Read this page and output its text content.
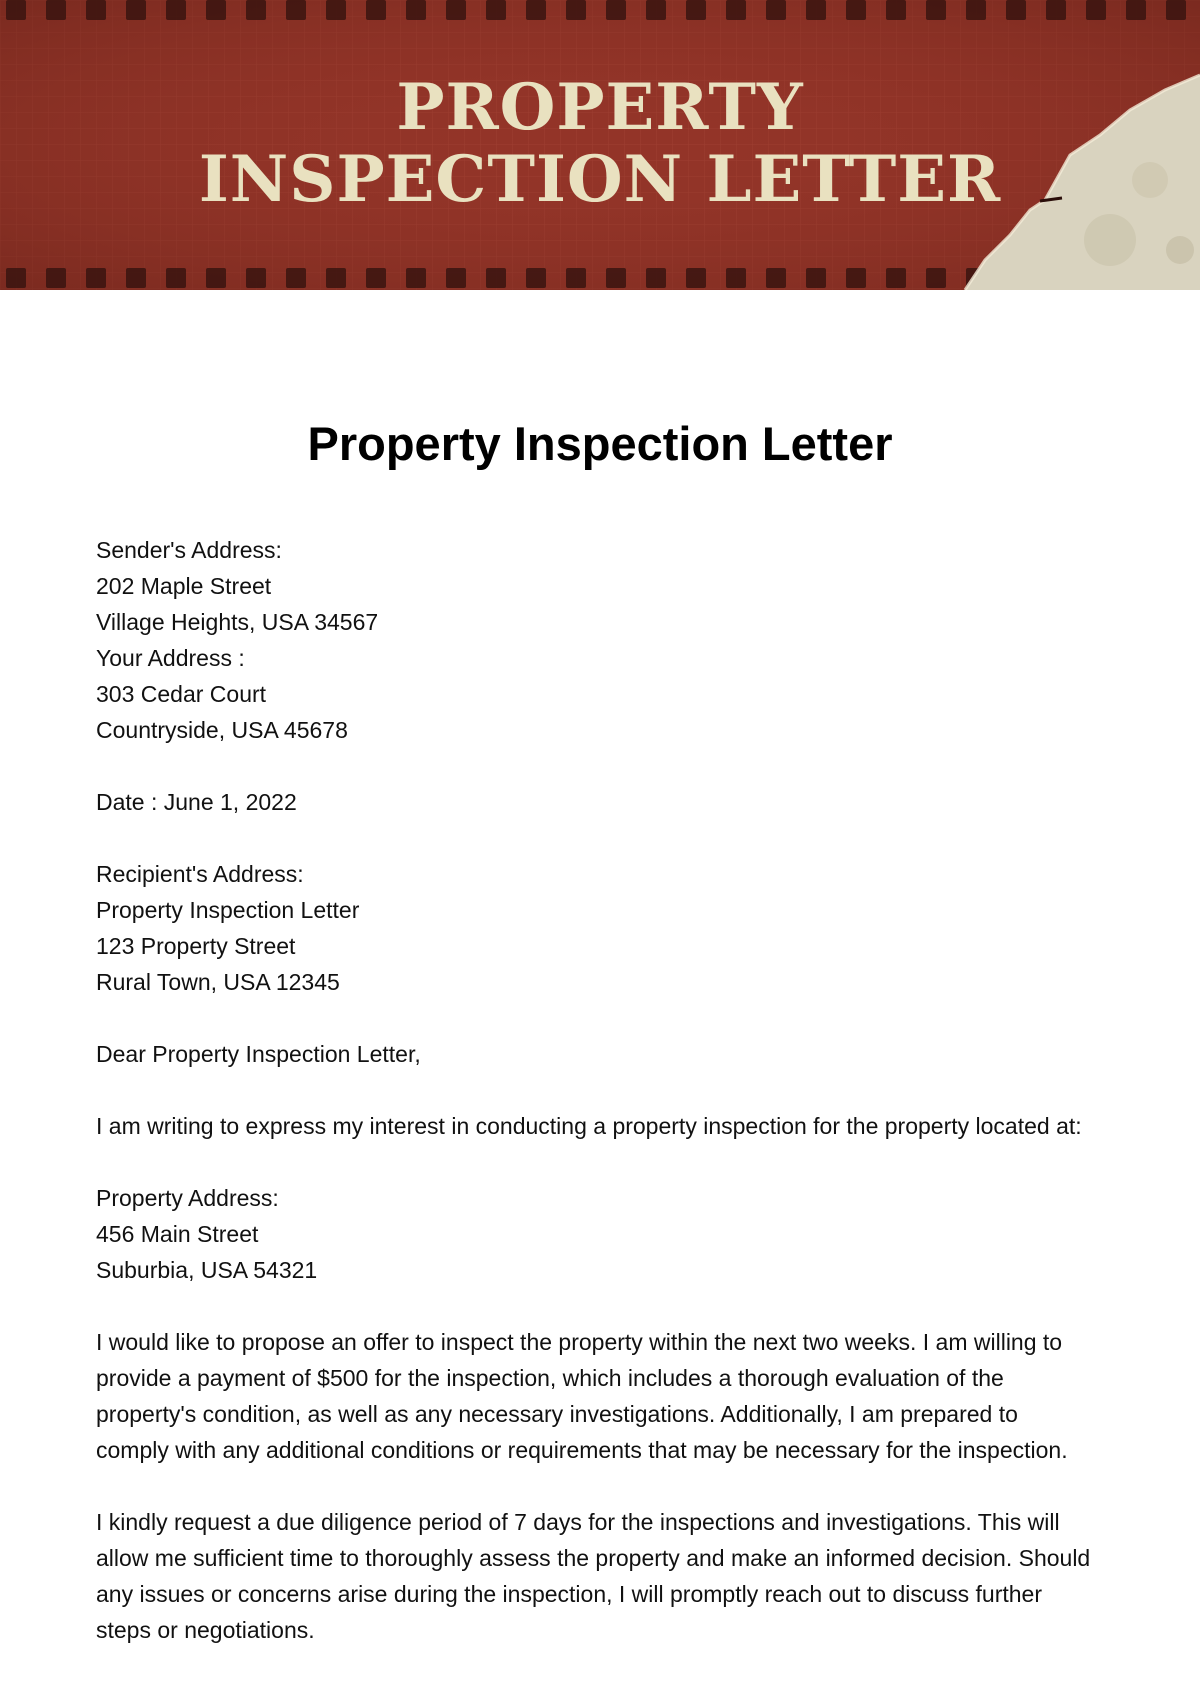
PROPERTY
INSPECTION LETTER
Property Inspection Letter
Sender's Address:
202 Maple Street
Village Heights, USA 34567
Your Address :
303 Cedar Court
Countryside, USA 45678
Date : June 1, 2022
Recipient's Address:
Property Inspection Letter
123 Property Street
Rural Town, USA 12345
Dear Property Inspection Letter,

I am writing to express my interest in conducting a property inspection for the property located at:

Property Address:
456 Main Street
Suburbia, USA 54321

I would like to propose an offer to inspect the property within the next two weeks. I am willing to provide a payment of $500 for the inspection, which includes a thorough evaluation of the property's condition, as well as any necessary investigations. Additionally, I am prepared to comply with any additional conditions or requirements that may be necessary for the inspection.

I kindly request a due diligence period of 7 days for the inspections and investigations. This will allow me sufficient time to thoroughly assess the property and make an informed decision. Should any issues or concerns arise during the inspection, I will promptly reach out to discuss further steps or negotiations.
